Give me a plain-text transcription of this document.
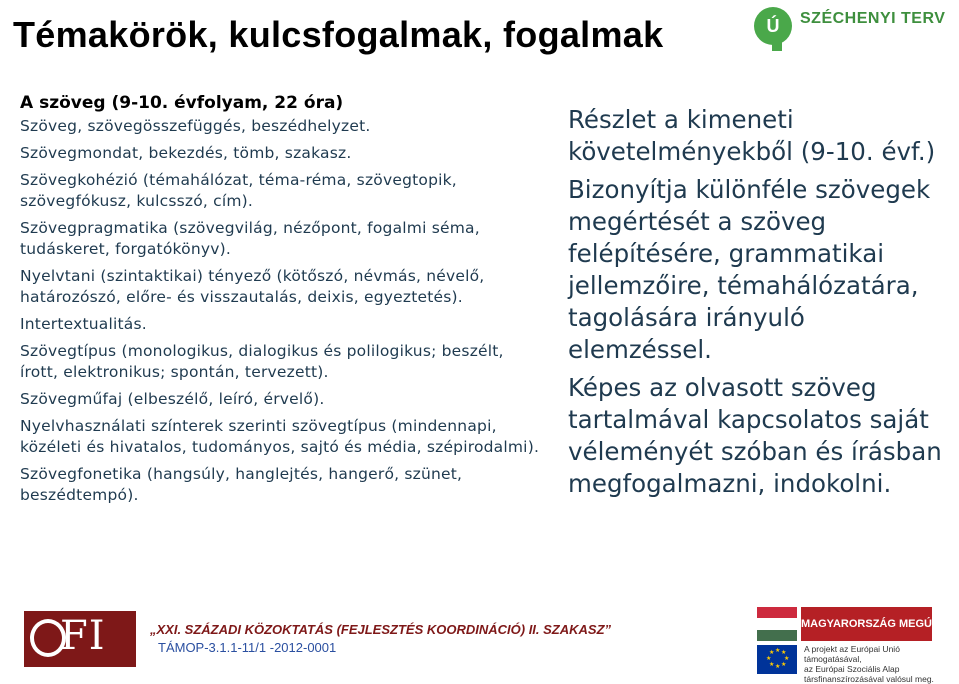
Témakörök, kulcsfogalmak, fogalmak	Ú	SZÉCHENYI TERV
A szöveg (9-10. évfolyam, 22 óra)

Szöveg, szövegösszefüggés, beszédhelyzet.

Szövegmondat, bekezdés, tömb, szakasz.

Szövegkohézió (témahálózat, téma-réma, szövegtopik, szövegfókusz, kulcsszó, cím).

Szövegpragmatika (szövegvilág, nézőpont, fogalmi séma, tudáskeret, forgatókönyv).

Nyelvtani (szintaktikai) tényező (kötőszó, névmás, névelő, határozószó, előre- és visszautalás, deixis, egyeztetés).

Intertextualitás.

Szövegtípus (monologikus, dialogikus és polilogikus; beszélt, írott, elektronikus; spontán, tervezett).

Szövegműfaj (elbeszélő, leíró, érvelő).

Nyelvhasználati színterek szerinti szövegtípus (mindennapi, közéleti és hivatalos, tudományos, sajtó és média, szépirodalmi).

Szövegfonetika (hangsúly, hanglejtés, hangerő, szünet, beszédtempó).

Részlet a kimeneti követelményekből (9-10. évf.)

Bizonyítja különféle szövegek megértését a szöveg felépítésére, grammatikai jellemzőire, témahálózatára, tagolására irányuló elemzéssel.

Képes az olvasott szöveg tartalmával kapcsolatos saját véleményét szóban és írásban megfogalmazni, indokolni.

FI	„XXI. SZÁZADI KÖZOKTATÁS (FEJLESZTÉS KOORDINÁCIÓ) II. SZAKASZ”
TÁMOP-3.1.1-11/1 -2012-0001
MAGYARORSZÁG MEGÚJUL
★ ★
★
★
★
★
★
★	A projekt az Európai Unió támogatásával,
az Európai Szociális Alap
társfinanszírozásával valósul meg.
